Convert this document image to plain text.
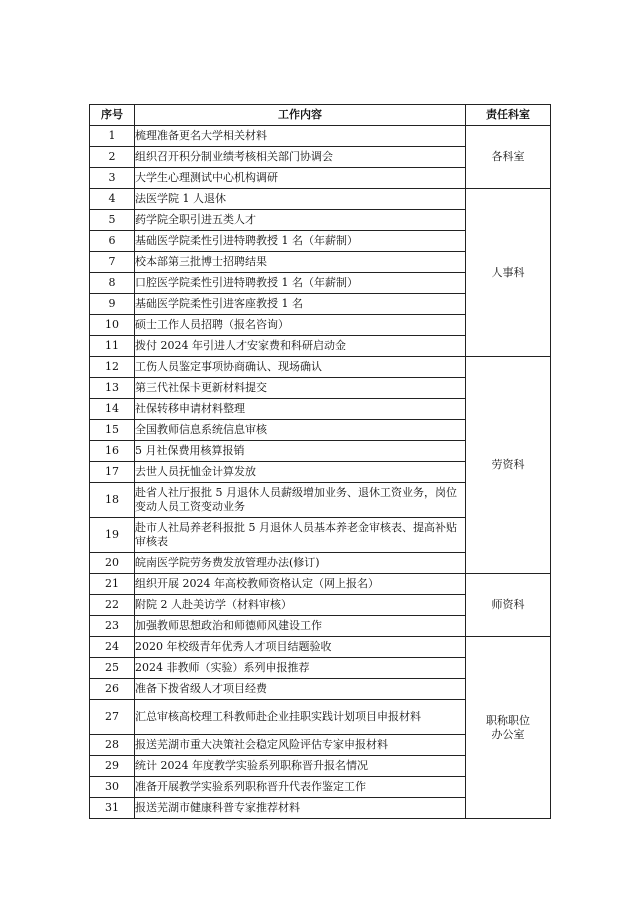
序号	工作内容	责任科室
1	梳理准备更名大学相关材料	各科室
2	组织召开积分制业绩考核相关部门协调会	
3	大学生心理测试中心机构调研	
4	法医学院 1 人退休	人事科
5	药学院全职引进五类人才	
6	基础医学院柔性引进特聘教授 1 名（年薪制）	
7	校本部第三批博士招聘结果	
8	口腔医学院柔性引进特聘教授 1 名（年薪制）	
9	基础医学院柔性引进客座教授 1 名	
10	硕士工作人员招聘（报名咨询）	
11	拨付 2024 年引进人才安家费和科研启动金	
12	工伤人员鉴定事项协商确认、现场确认	劳资科
13	第三代社保卡更新材料提交	
14	社保转移申请材料整理	
15	全国教师信息系统信息审核	
16	5 月社保费用核算报销	
17	去世人员抚恤金计算发放	
18	赴省人社厅报批 5 月退休人员薪级增加业务、退休工资业务，岗位变动人员工资变动业务	
19	赴市人社局养老科报批 5 月退休人员基本养老金审核表、提高补贴审核表	
20	皖南医学院劳务费发放管理办法(修订)	
21	组织开展 2024 年高校教师资格认定（网上报名）	师资科
22	附院 2 人赴美访学（材料审核）	
23	加强教师思想政治和师德师风建设工作	
24	2020 年校级青年优秀人才项目结题验收	职称职位
办公室
25	2024 非教师（实验）系列申报推荐	
26	准备下拨省级人才项目经费	
27	汇总审核高校理工科教师赴企业挂职实践计划项目申报材料	
28	报送芜湖市重大决策社会稳定风险评估专家申报材料	
29	统计 2024 年度教学实验系列职称晋升报名情况	
30	准备开展教学实验系列职称晋升代表作鉴定工作	
31	报送芜湖市健康科普专家推荐材料	
